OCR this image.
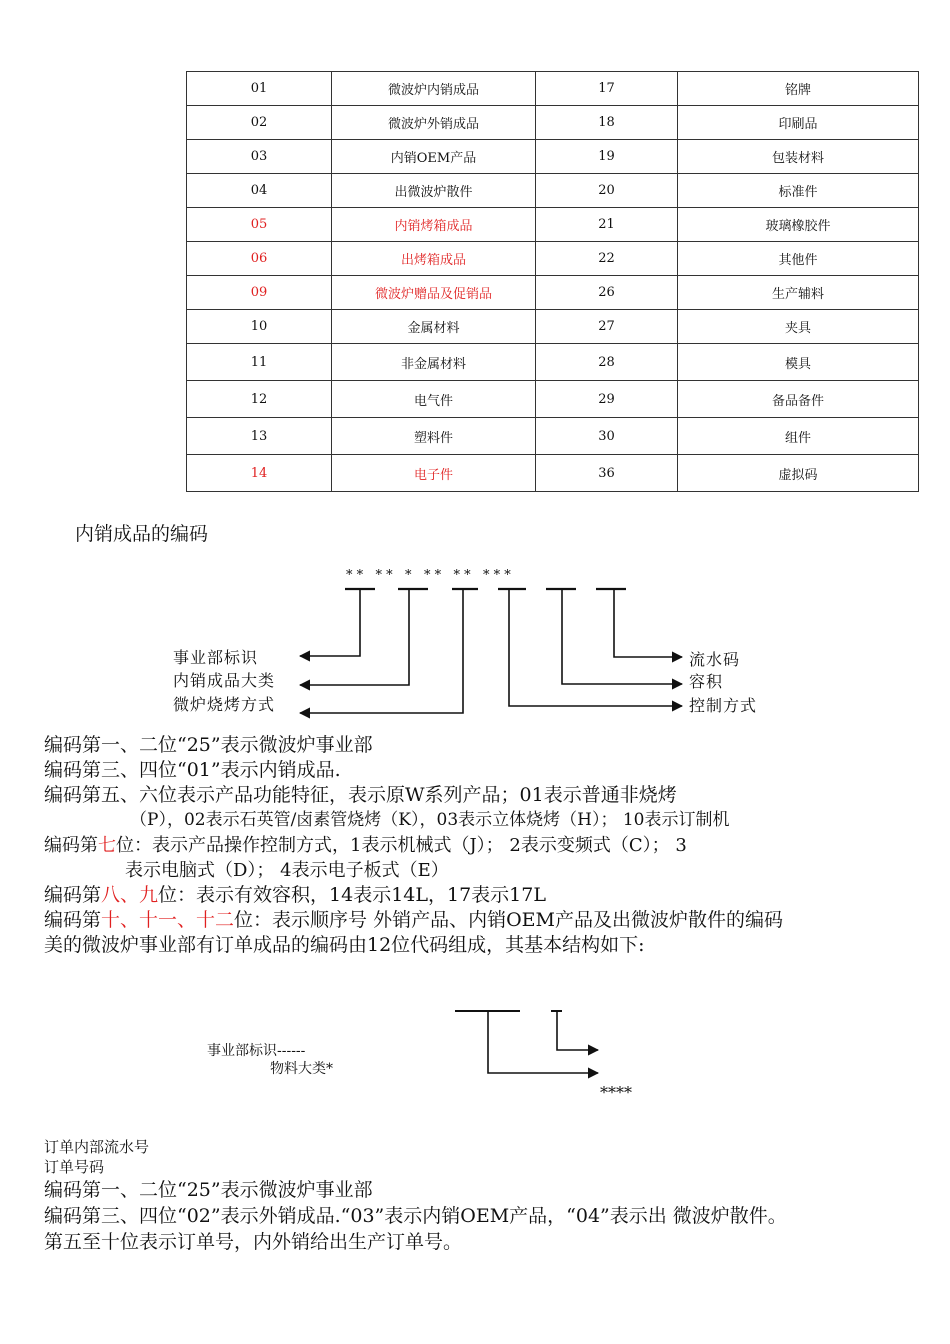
01	微波炉内销成品	17	铭牌
02	微波炉外销成品	18	印刷品
03	内销OEM产品	19	包装材料
04	出微波炉散件	20	标准件
05	内销烤箱成品	21	玻璃橡胶件
06	出烤箱成品	22	其他件
09	微波炉赠品及促销品	26	生产辅料
10	金属材料	27	夹具
11	非金属材料	28	模具
12	电气件	29	备品备件
13	塑料件	30	组件
14	电子件	36	虚拟码
内销成品的编码
* *   * *   *   * *   * *   * * *
事业部标识
内销成品大类
微炉烧烤方式
流水码
容积
控制方式
编码第一、二位“25”表示微波炉事业部
编码第三、四位“01”表示内销成品.
编码第五、六位表示产品功能特征，表示原W系列产品；01表示普通非烧烤
（P），02表示石英管/卤素管烧烤（K），03表示立体烧烤（H）； 10表示订制机
编码第七位：表示产品操作控制方式，1表示机械式（J）； 2表示变频式（C）； 3
表示电脑式（D）； 4表示电子板式（E）
编码第八、九位：表示有效容积，14表示14L，17表示17L
编码第十、十一、十二位：表示顺序号 外销产品、内销OEM产品及出微波炉散件的编码
美的微波炉事业部有订单成品的编码由12位代码组成，其基本结构如下:
事业部标识------
物料大类*
****
订单内部流水号
订单号码
编码第一、二位“25”表示微波炉事业部
编码第三、四位“02”表示外销成品.“03”表示内销OEM产品，“04”表示出 微波炉散件。
第五至十位表示订单号，内外销给出生产订单号。
